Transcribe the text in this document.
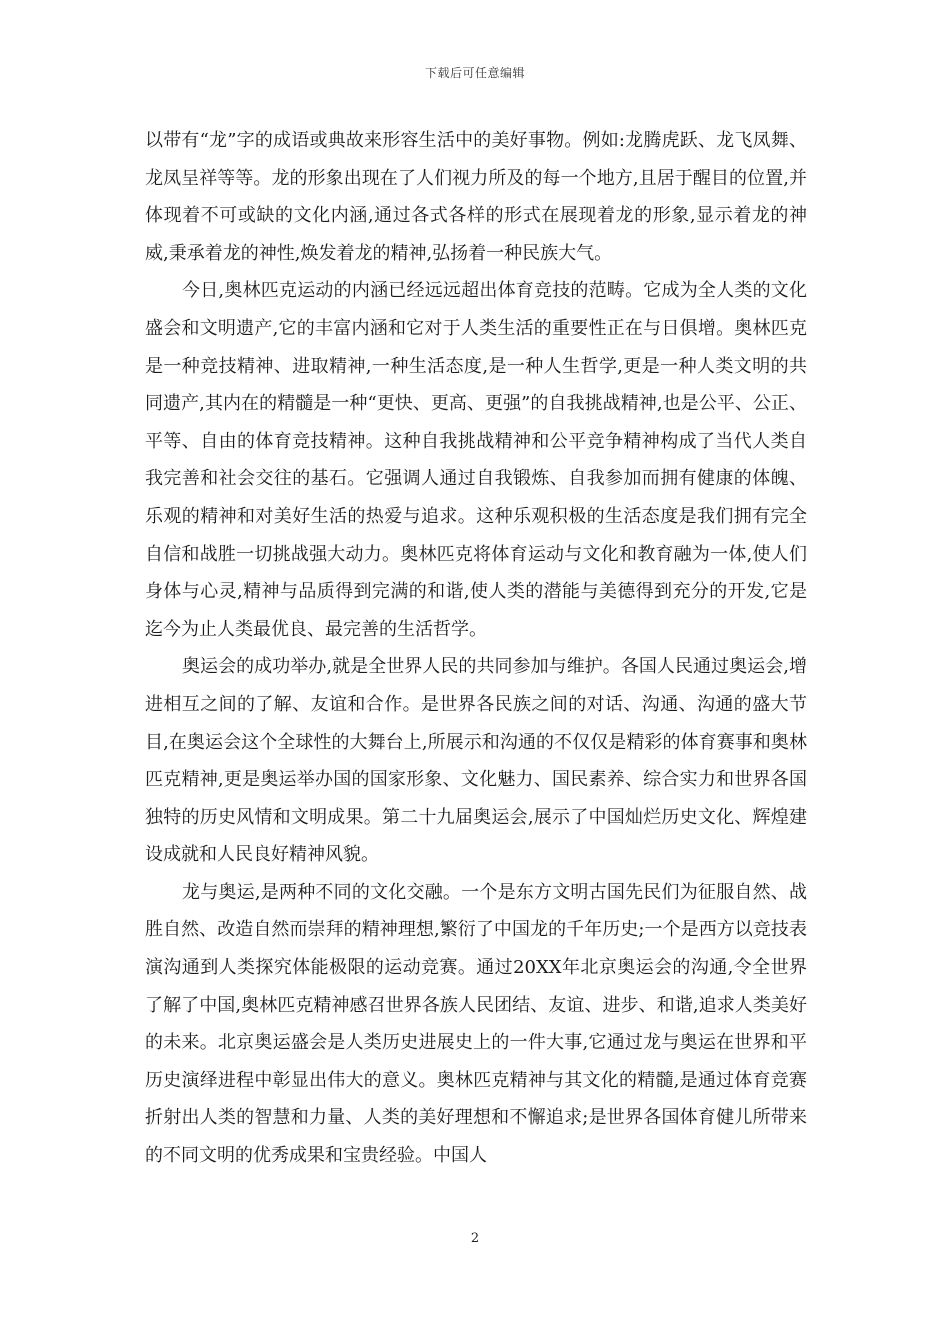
下载后可任意编辑

以带有“龙”字的成语或典故来形容生活中的美好事物。例如:龙腾虎跃、龙飞凤舞、龙凤呈祥等等。龙的形象出现在了人们视力所及的每一个地方,且居于醒目的位置,并体现着不可或缺的文化内涵,通过各式各样的形式在展现着龙的形象,显示着龙的神威,秉承着龙的神性,焕发着龙的精神,弘扬着一种民族大气。

今日,奥林匹克运动的内涵已经远远超出体育竞技的范畴。它成为全人类的文化盛会和文明遗产,它的丰富内涵和它对于人类生活的重要性正在与日俱增。奥林匹克是一种竞技精神、进取精神,一种生活态度,是一种人生哲学,更是一种人类文明的共同遗产,其内在的精髓是一种“更快、更高、更强”的自我挑战精神,也是公平、公正、平等、自由的体育竞技精神。这种自我挑战精神和公平竞争精神构成了当代人类自我完善和社会交往的基石。它强调人通过自我锻炼、自我参加而拥有健康的体魄、乐观的精神和对美好生活的热爱与追求。这种乐观积极的生活态度是我们拥有完全自信和战胜一切挑战强大动力。奥林匹克将体育运动与文化和教育融为一体,使人们身体与心灵,精神与品质得到完满的和谐,使人类的潜能与美德得到充分的开发,它是迄今为止人类最优良、最完善的生活哲学。

奥运会的成功举办,就是全世界人民的共同参加与维护。各国人民通过奥运会,增进相互之间的了解、友谊和合作。是世界各民族之间的对话、沟通、沟通的盛大节目,在奥运会这个全球性的大舞台上,所展示和沟通的不仅仅是精彩的体育赛事和奥林匹克精神,更是奥运举办国的国家形象、文化魅力、国民素养、综合实力和世界各国独特的历史风情和文明成果。第二十九届奥运会,展示了中国灿烂历史文化、辉煌建设成就和人民良好精神风貌。

龙与奥运,是两种不同的文化交融。一个是东方文明古国先民们为征服自然、战胜自然、改造自然而崇拜的精神理想,繁衍了中国龙的千年历史;一个是西方以竞技表演沟通到人类探究体能极限的运动竞赛。通过20XX年北京奥运会的沟通,令全世界了解了中国,奥林匹克精神感召世界各族人民团结、友谊、进步、和谐,追求人类美好的未来。北京奥运盛会是人类历史进展史上的一件大事,它通过龙与奥运在世界和平历史演绎进程中彰显出伟大的意义。奥林匹克精神与其文化的精髓,是通过体育竞赛折射出人类的智慧和力量、人类的美好理想和不懈追求;是世界各国体育健儿所带来的不同文明的优秀成果和宝贵经验。中国人

2
